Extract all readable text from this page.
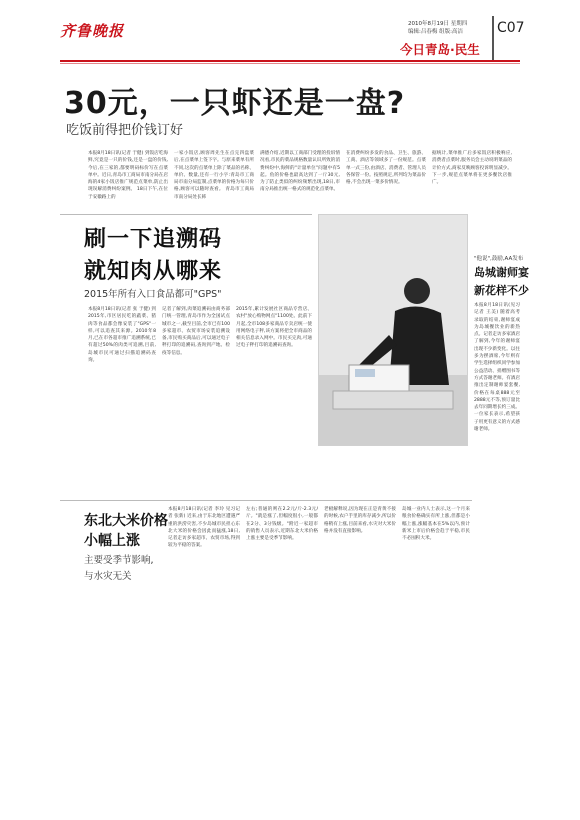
齐鲁晚报	2010年8月19日 星期四
编辑:吕春梅 组版:高洁	C07
今日青岛·民生
30元，一只虾还是一盘?
吃饭前得把价钱订好
本报8月18日讯(记者 于健) 到饭店吃海鲜,究竟是一只的价钱,还是一盘的价钱,今后,在三家的,都要明码标价写在点菜单中。近日,青岛市工商局市南分局在店海的4家小饭店推广规范点菜单,防止出现误解消费纠纷案例。 18日下午,在位于安徽路上的
一家小饭店,顾客周先生在点完四盘菜后,在点菜单上签下字。与原来菜单有所不同,这次的点菜单上除了菜品的名称、单价、数量,还有一行小字:青岛市工商局市南分局监制,点菜单的价格为每只价格,顾客可以随时查看。 青岛市工商局市南分局处长韩
满德介绍,近期以工商部门受理的投诉情况看,市民的菜品规格数量认识所致的消费纠纷中,海鲜的"计量单位"问题中有5起。鱼的价格也最高达到了一斤30元,为了防止类似的纠纷频繁出现,18日,市南分局推出统一格式的规范化点菜单。
在消费纠纷多发的食品、卫生、旅游、工商、酒店等领域多了一份规范。点菜单一式三份,由酒店、消费者、管理人员各保管一份。按照规定,所列均为菜品价格,不会出现一菜多价情况。
据统计,菜单推广后多家饭店积极响应,消费者点菜时,服务员会主动说明菜品的计价方式,商家反映顾客投诉明显减少。下一步,规范点菜单将在更多餐饮店推广。
刷一下追溯码
就知肉从哪来
2015年所有入口食品都可"GPS"
本报8月18日讯(记者 张 于健) 到2015年,市区居民吃的蔬菜、猪肉等食品都会像安装了"GPS"一样,可以追查其来源。2010年8月,已在市各超市推广追溯系统,已有超过50%的肉类可追溯,目前,岛城市民可通过扫描追溯码查询。
记者了解到,肉菜追溯码由商务部门统一管理,青岛市作为全国试点城市之一,截至目前,全市已有100多家超市、农贸市场安装追溯设备,市民购买商品后,可以通过电子秤打印的追溯码,查询到产地、检疫等信息。
2015年,累计发展社区商品专营店、农村"放心购物网点"1100处。此前下月起,全市108多家商品专卖店统一使用网络电子秤,该方案将把全市商品的相关信息录入网中。市民买完肉,可通过电子秤打印的追溯码查询。
"他说",鼓励,AA发布
岛城谢师宴
新花样不少
本报8月18日讯(见习记者 王美) 随着高考录取的结束,谢师宴成为岛城餐饮业的新热点。记者走访多家酒店了解到,今年的谢师宴出现不少新变化。以往多为摆酒席,今年则有学生选择组织同学参加公益活动、捐赠图书等方式答谢老师。有酒店推出定制谢师宴套餐,价格在每桌888元至2888元不等,预订量比去年同期增长约三成。一位家长表示,希望孩子用更有意义的方式感谢老师。
东北大米价格
小幅上涨
主要受季节影响,
与水灾无关
本报8月18日讯(记者 李玲 见习记者 张新) 近来,由于东北地区遭遇严重的洪涝灾害,不少岛城市民担心东北大米的价格会因此而猛涨,18日,记者走访多家超市、农贸市场,得到较为平稳的答案。
左右;普通的则在2.2元/斤-2.3元/斤。"就是涨了,但幅度很小,一般都在2分、3分钱级。"附近一家超市的销售人员表示,近期东北大米价格上涨主要是受季节影响。
老板解释说,因为现在正是青黄不接的时候,农户手里的库存减少,所以价格稍有上涨,目前来看,水灾对大米价格并没有直接影响。
岛城一业内人士表示,这一个月来粮食价格确实有所上涨,但都是小幅上涨,涨幅基本在5%以内,预计新米上市后价格会趋于平稳,市民不必囤积大米。
